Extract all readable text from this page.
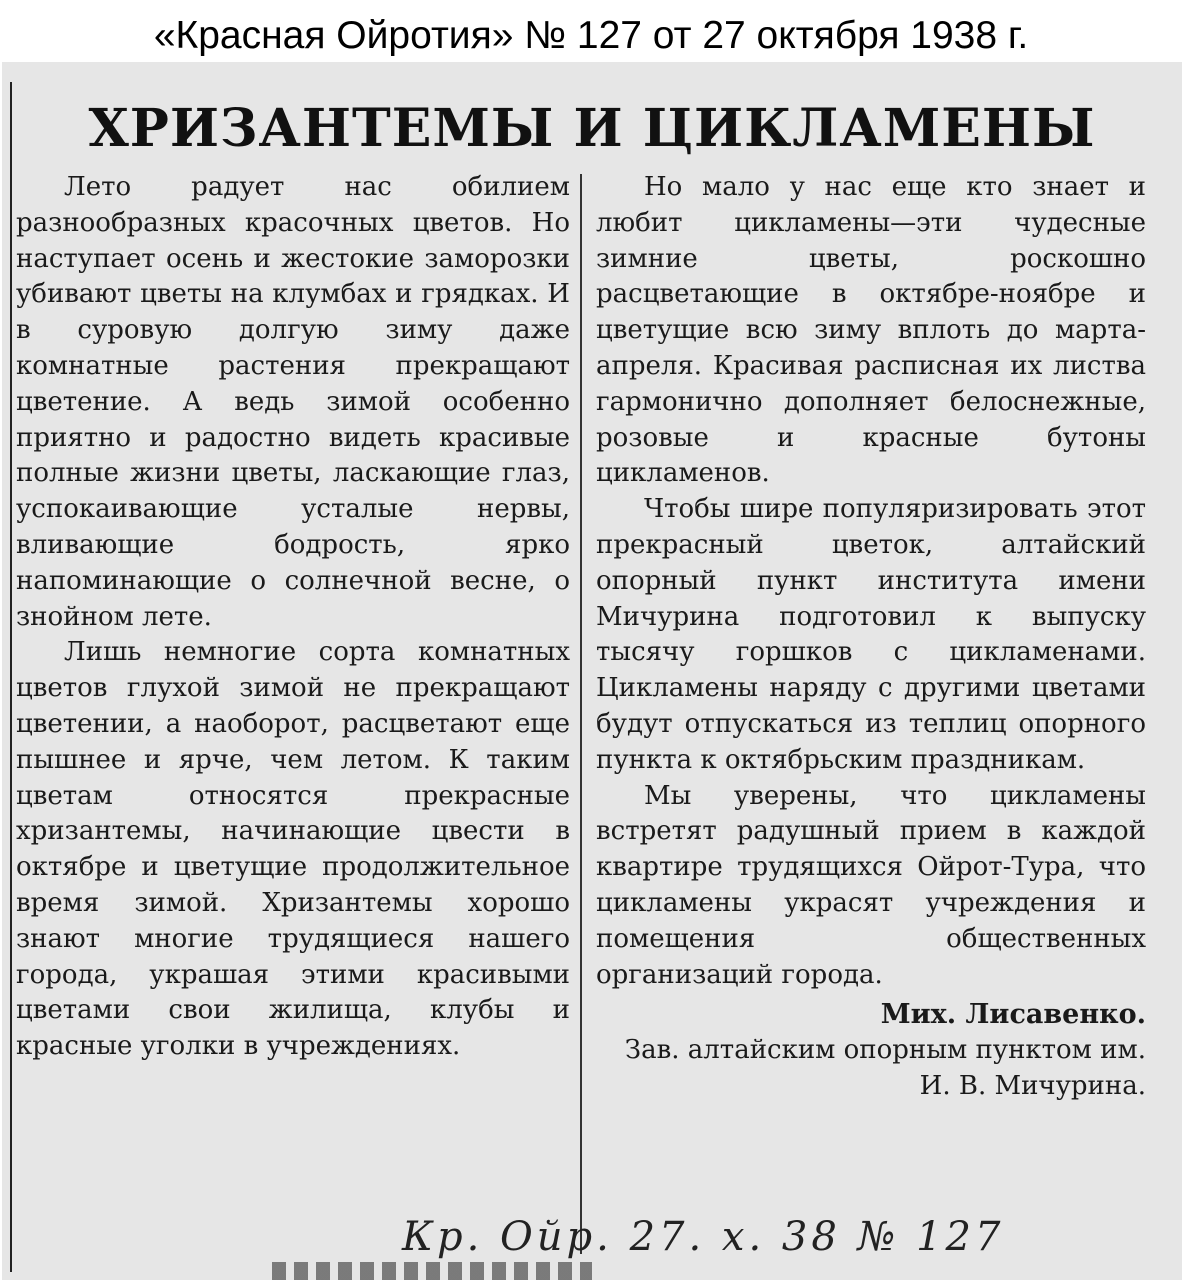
«Красная Ойротия» № 127 от 27 октября 1938 г.
ХРИЗАНТЕМЫ И ЦИКЛАМЕНЫ

Лето радует нас обилием разнообразных красочных цветов. Но наступает осень и жестокие заморозки убивают цветы на клумбах и грядках. И в суровую долгую зиму даже комнатные растения прекращают цветение. А ведь зимой особенно приятно и радостно видеть красивые полные жизни цветы, ласкающие глаз, успокаивающие усталые нервы, вливающие бодрость, ярко напоминающие о солнечной весне, о знойном лете.

Лишь немногие сорта комнатных цветов глухой зимой не прекращают цветении, а наоборот, расцветают еще пышнее и ярче, чем летом. К таким цветам относятся прекрасные хризантемы, начинающие цвести в октябре и цветущие продолжительное время зимой. Хризантемы хорошо знают многие трудящиеся нашего города, украшая этими красивыми цветами свои жилища, клубы и красные уголки в учреждениях.

Но мало у нас еще кто знает и любит цикламены—эти чудесные зимние цветы, роскошно расцветающие в октябре-ноябре и цветущие всю зиму вплоть до марта-апреля. Красивая расписная их листва гармонично дополняет белоснежные, розовые и красные бутоны цикламенов.

Чтобы шире популяризировать этот прекрасный цветок, алтайский опорный пункт института имени Мичурина подготовил к выпуску тысячу горшков с цикламенами. Цикламены наряду с другими цветами будут отпускаться из теплиц опорного пункта к октябрьским праздникам.

Мы уверены, что цикламены встретят радушный прием в каждой квартире трудящихся Ойрот-Тура, что цикламены украсят учреждения и помещения общественных организаций города.

Мих. Лисавенко.

Зав. алтайским опорным пунктом им. И. В. Мичурина.

Кр. Ойр. 27. x. 38 № 127
